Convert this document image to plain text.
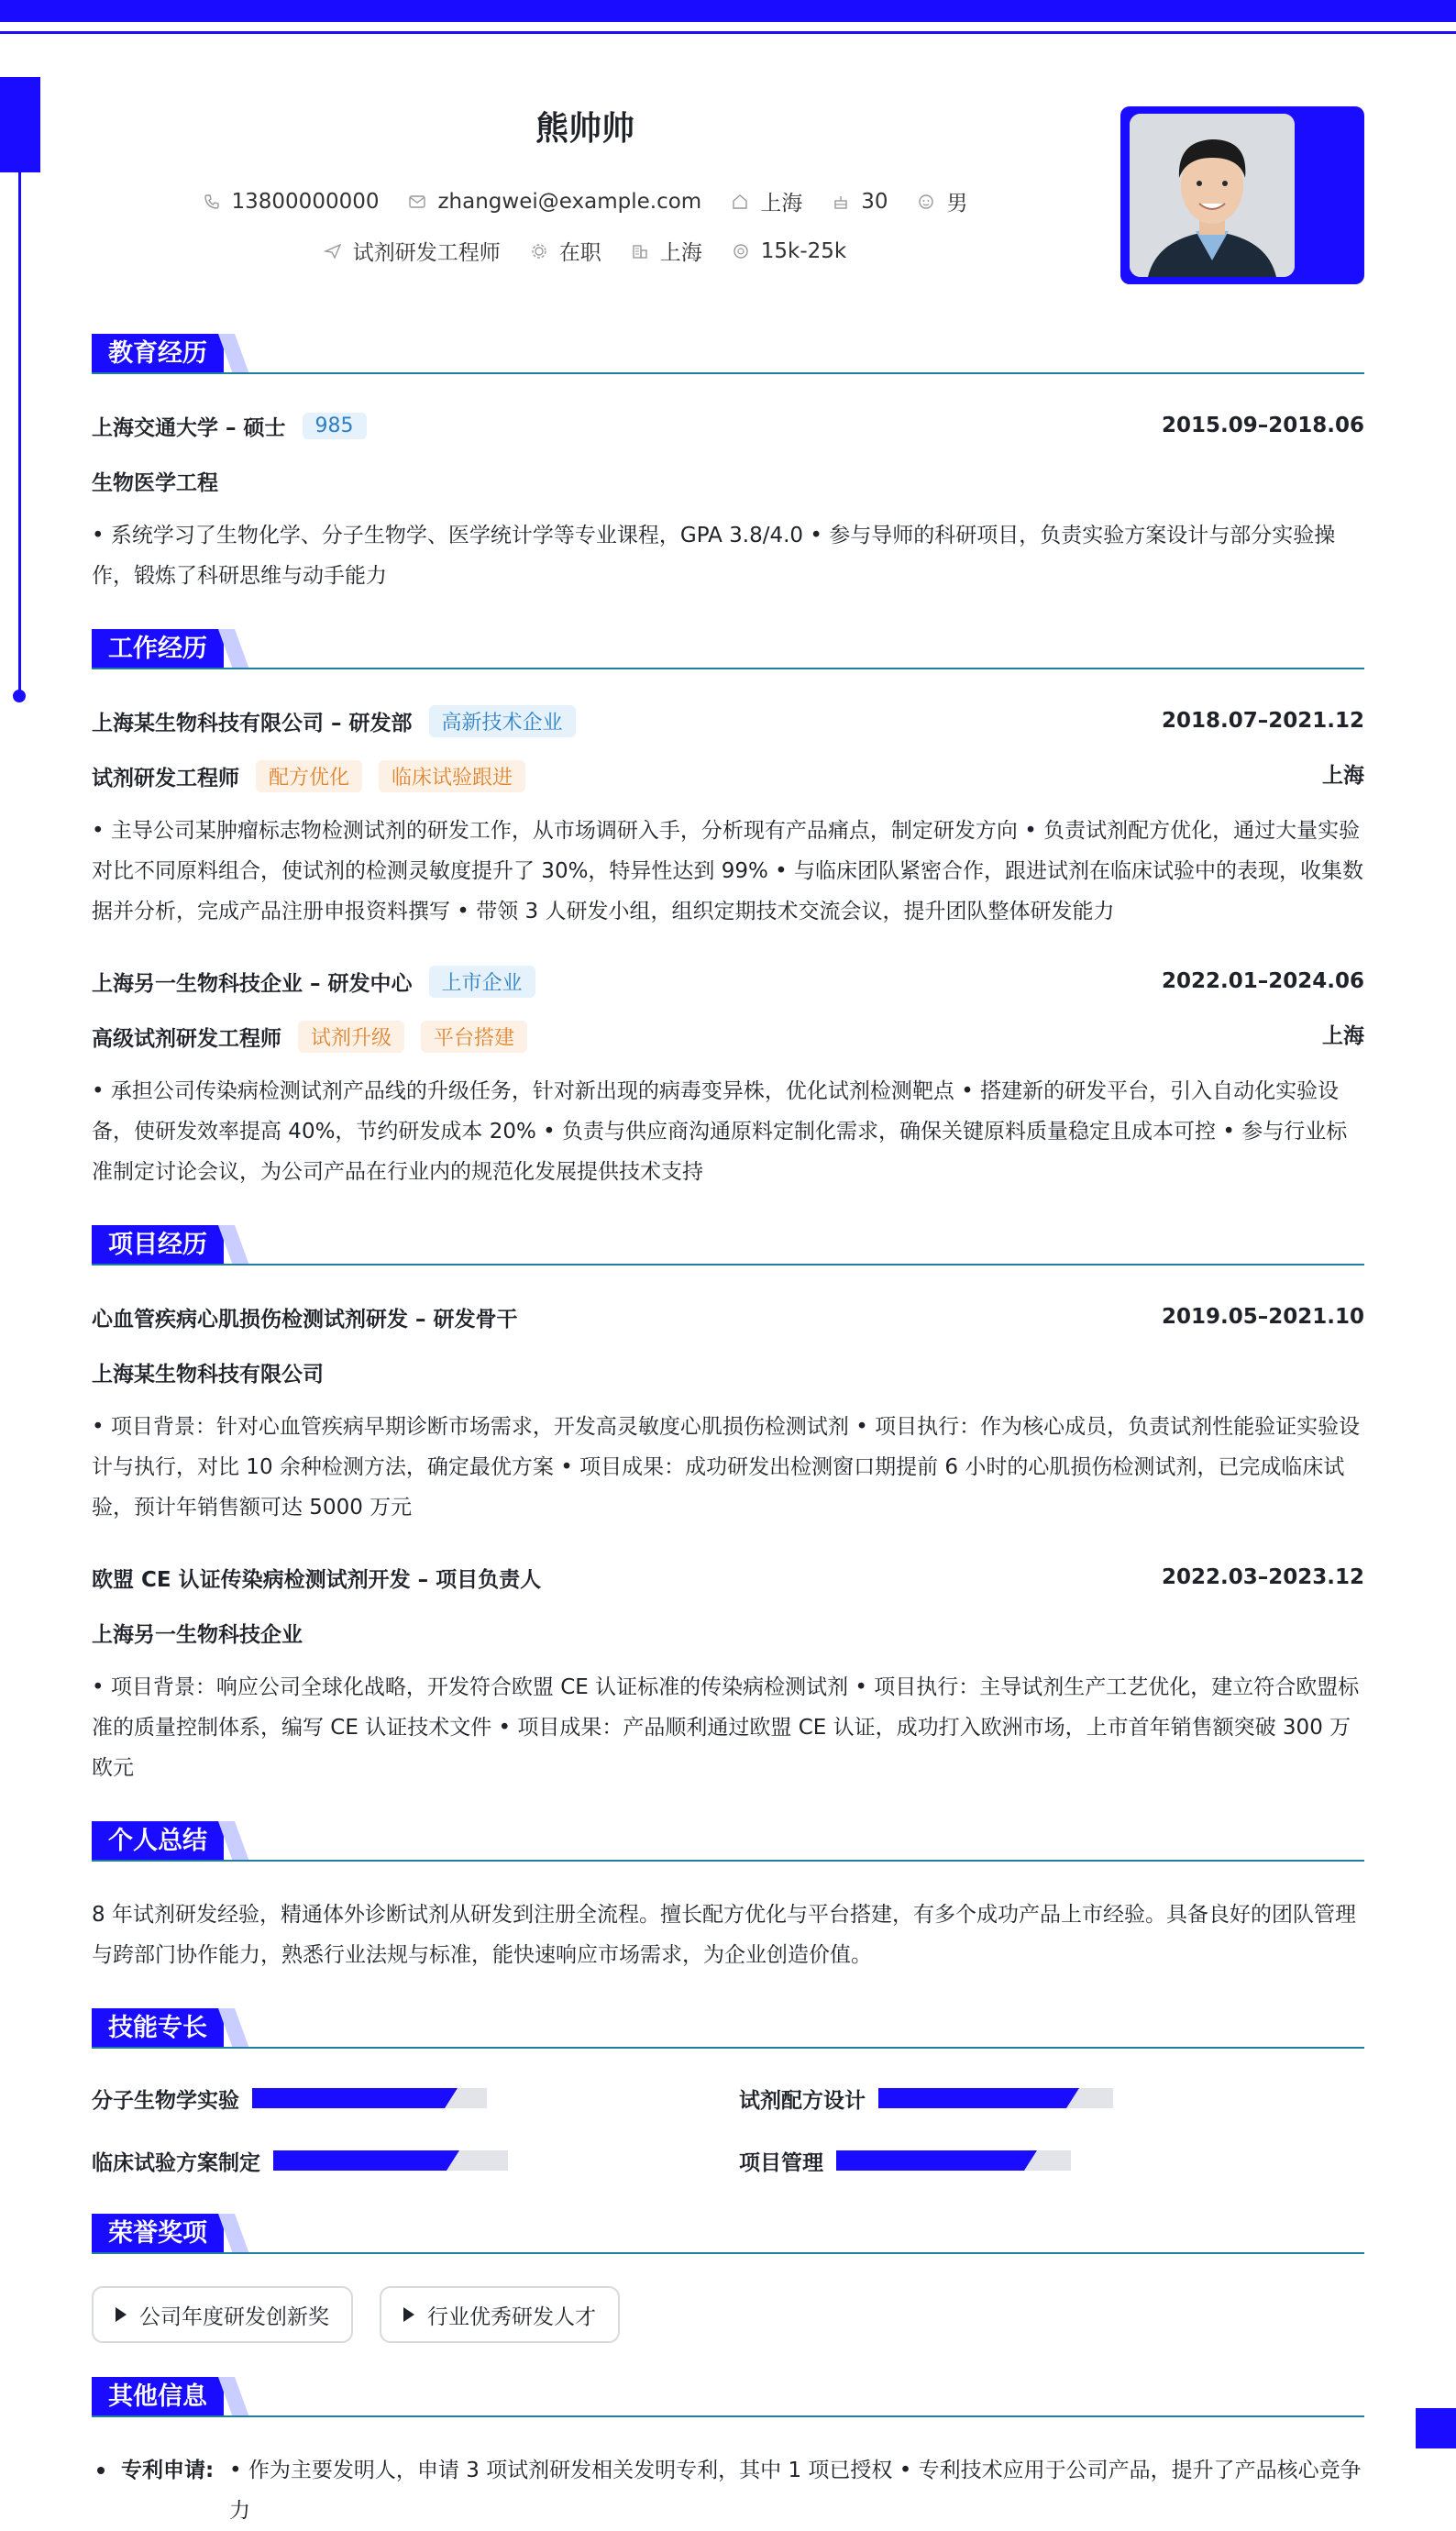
熊帅帅
13800000000	zhangwei@example.com	上海	30	男
试剂研发工程师	在职	上海	15k-25k
教育经历
上海交通大学 – 硕士	985	2015.09–2018.06
生物医学工程

• 系统学习了生物化学、分子生物学、医学统计学等专业课程，GPA 3.8/4.0 • 参与导师的科研项目，负责实验方案设计与部分实验操作，锻炼了科研思维与动手能力

工作经历
上海某生物科技有限公司 – 研发部	高新技术企业	2018.07–2021.12
试剂研发工程师	配方优化	临床试验跟进	上海

• 主导公司某肿瘤标志物检测试剂的研发工作，从市场调研入手，分析现有产品痛点，制定研发方向 • 负责试剂配方优化，通过大量实验对比不同原料组合，使试剂的检测灵敏度提升了 30%，特异性达到 99% • 与临床团队紧密合作，跟进试剂在临床试验中的表现，收集数据并分析，完成产品注册申报资料撰写 • 带领 3 人研发小组，组织定期技术交流会议，提升团队整体研发能力

上海另一生物科技企业 – 研发中心	上市企业	2022.01–2024.06
高级试剂研发工程师	试剂升级	平台搭建	上海

• 承担公司传染病检测试剂产品线的升级任务，针对新出现的病毒变异株，优化试剂检测靶点 • 搭建新的研发平台，引入自动化实验设备，使研发效率提高 40%，节约研发成本 20% • 负责与供应商沟通原料定制化需求，确保关键原料质量稳定且成本可控 • 参与行业标准制定讨论会议，为公司产品在行业内的规范化发展提供技术支持

项目经历
心血管疾病心肌损伤检测试剂研发 – 研发骨干	2019.05–2021.10
上海某生物科技有限公司

• 项目背景：针对心血管疾病早期诊断市场需求，开发高灵敏度心肌损伤检测试剂 • 项目执行：作为核心成员，负责试剂性能验证实验设计与执行，对比 10 余种检测方法，确定最优方案 • 项目成果：成功研发出检测窗口期提前 6 小时的心肌损伤检测试剂，已完成临床试验，预计年销售额可达 5000 万元

欧盟 CE 认证传染病检测试剂开发 – 项目负责人	2022.03–2023.12
上海另一生物科技企业

• 项目背景：响应公司全球化战略，开发符合欧盟 CE 认证标准的传染病检测试剂 • 项目执行：主导试剂生产工艺优化，建立符合欧盟标准的质量控制体系，编写 CE 认证技术文件 • 项目成果：产品顺利通过欧盟 CE 认证，成功打入欧洲市场，上市首年销售额突破 300 万欧元

个人总结

8 年试剂研发经验，精通体外诊断试剂从研发到注册全流程。擅长配方优化与平台搭建，有多个成功产品上市经验。具备良好的团队管理与跨部门协作能力，熟悉行业法规与标准，能快速响应市场需求，为企业创造价值。

技能专长
分子生物学实验	试剂配方设计
临床试验方案制定	项目管理
荣誉奖项
公司年度研发创新奖	行业优秀研发人才
其他信息
专利申请: • 作为主要发明人，申请 3 项试剂研发相关发明专利，其中 1 项已授权 • 专利技术应用于公司产品，提升了产品核心竞争力
